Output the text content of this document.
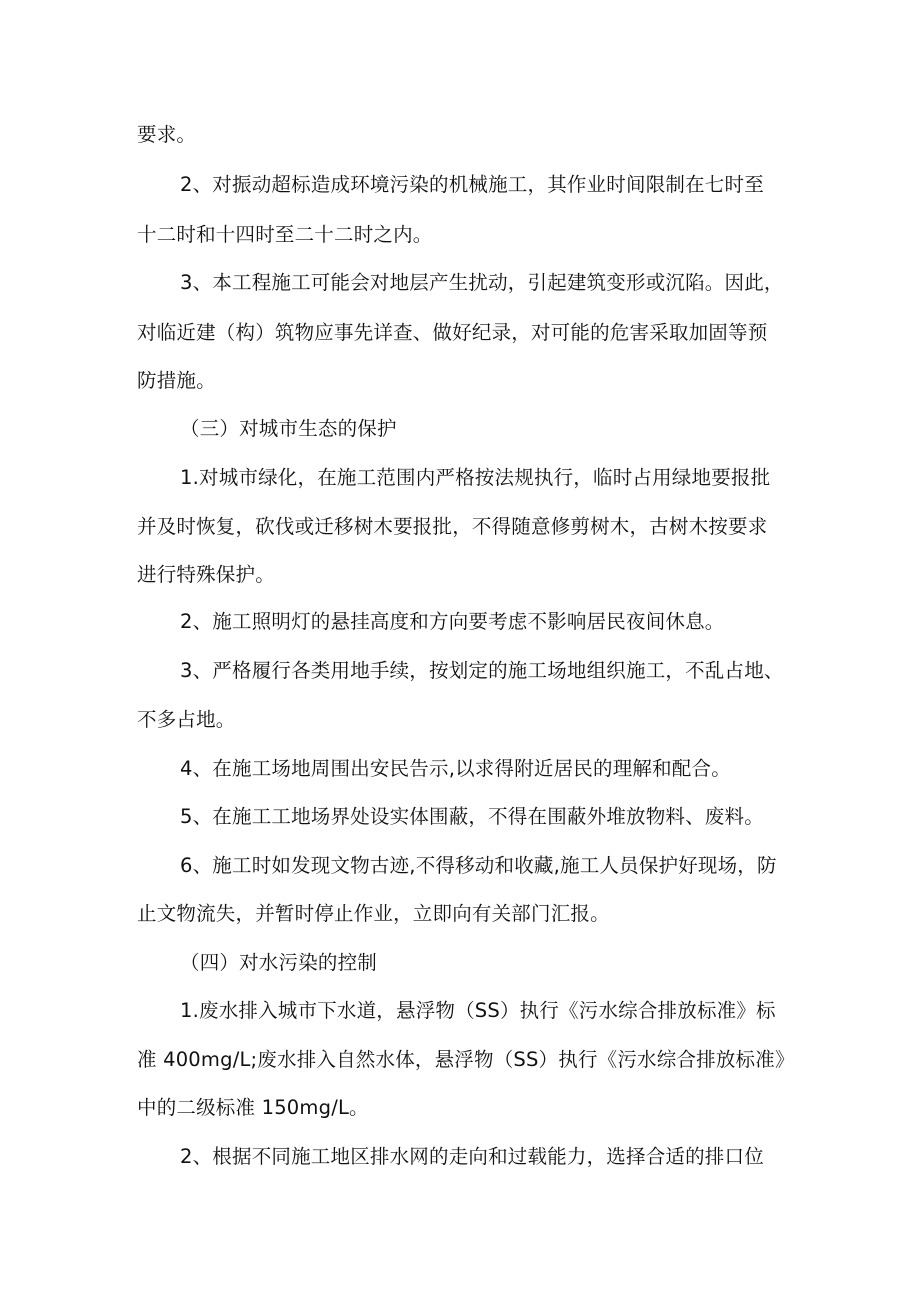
要求。
2、对振动超标造成环境污染的机械施工，其作业时间限制在七时至
十二时和十四时至二十二时之内。
3、本工程施工可能会对地层产生扰动，引起建筑变形或沉陷。因此，
对临近建（构）筑物应事先详查、做好纪录，对可能的危害采取加固等预
防措施。
（三）对城市生态的保护
1.对城市绿化，在施工范围内严格按法规执行，临时占用绿地要报批
并及时恢复，砍伐或迁移树木要报批，不得随意修剪树木，古树木按要求
进行特殊保护。
2、施工照明灯的悬挂高度和方向要考虑不影响居民夜间休息。
3、严格履行各类用地手续，按划定的施工场地组织施工，不乱占地、
不多占地。
4、在施工场地周围出安民告示,以求得附近居民的理解和配合。
5、在施工工地场界处设实体围蔽，不得在围蔽外堆放物料、废料。
6、施工时如发现文物古迹,不得移动和收藏,施工人员保护好现场，防
止文物流失，并暂时停止作业，立即向有关部门汇报。
（四）对水污染的控制
1.废水排入城市下水道，悬浮物（SS）执行《污水综合排放标准》标
准 400mg/L;废水排入自然水体，悬浮物（SS）执行《污水综合排放标准》
中的二级标准 150mg/L。
2、根据不同施工地区排水网的走向和过载能力，选择合适的排口位
